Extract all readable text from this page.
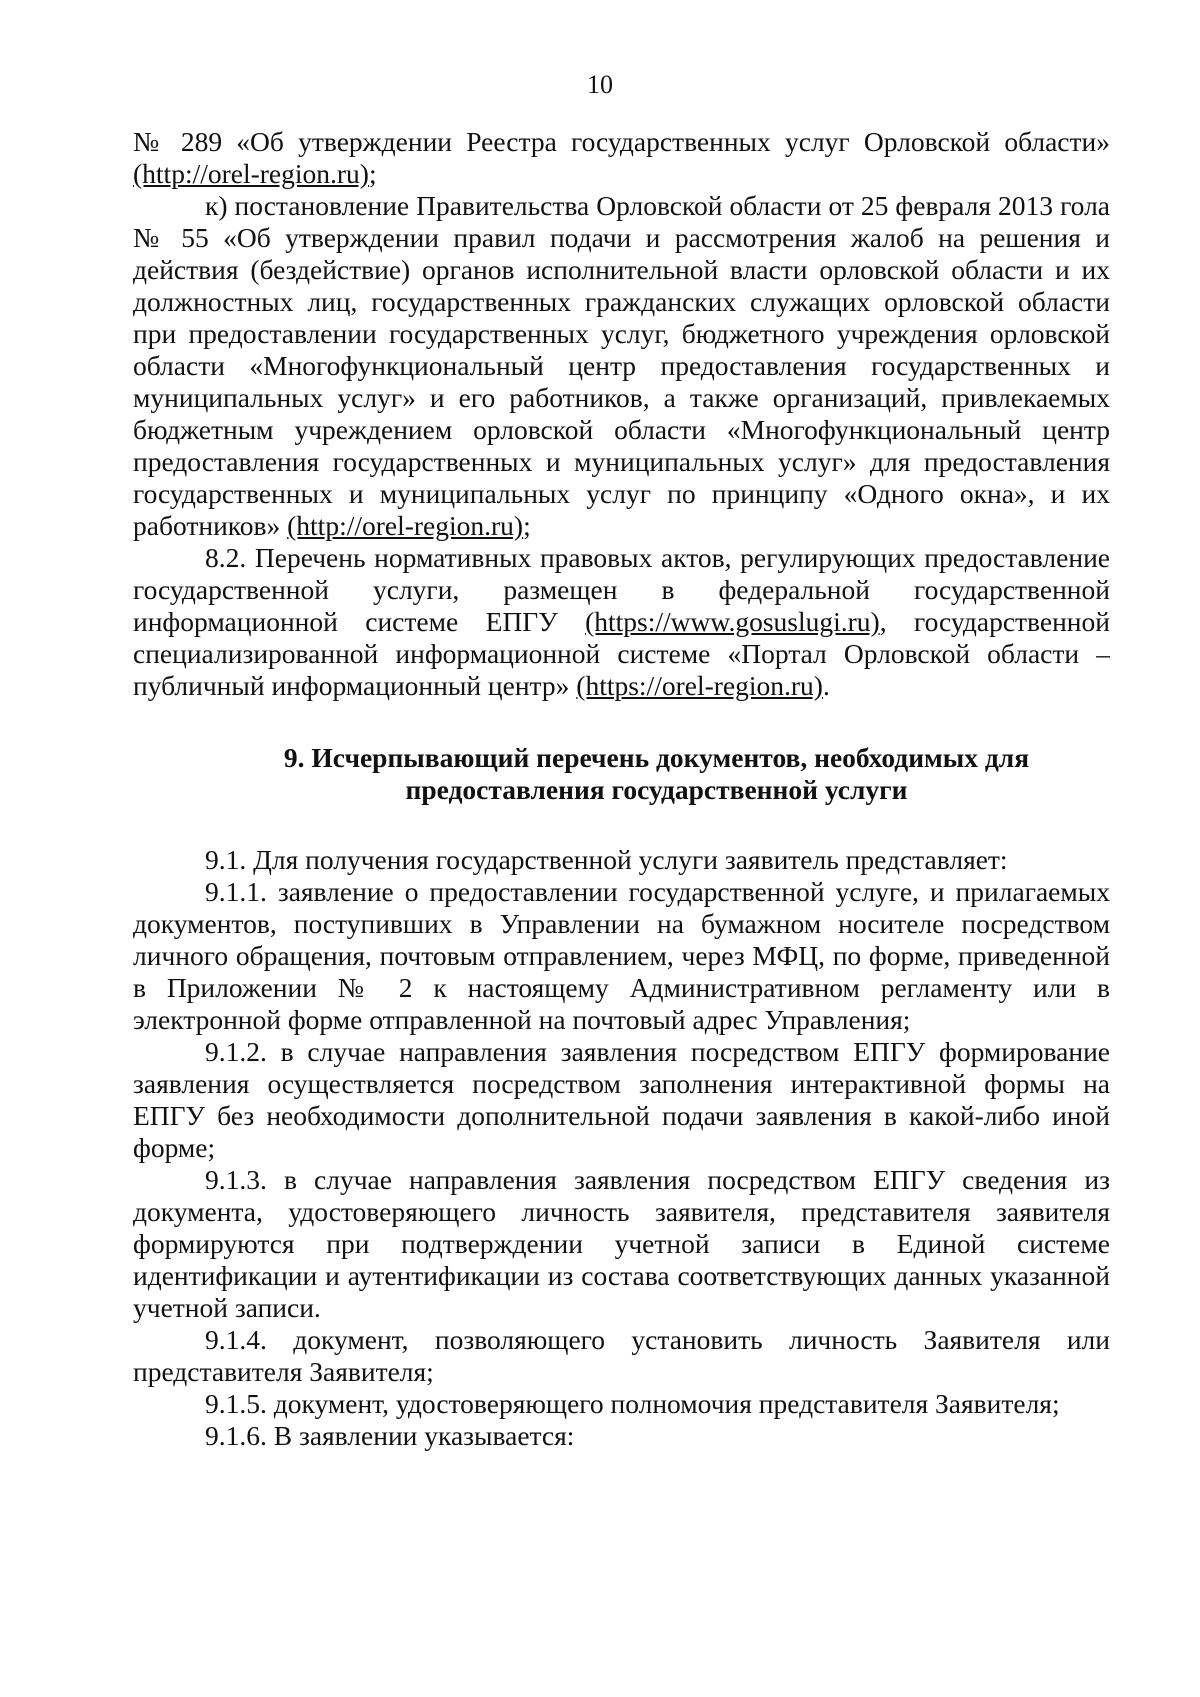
10

№ 289 «Об утверждении Реестра государственных услуг Орловской области» (http://orel-region.ru);

к) постановление Правительства Орловской области от 25 февраля 2013 гола № 55 «Об утверждении правил подачи и рассмотрения жалоб на решения и действия (бездействие) органов исполнительной власти орловской области и их должностных лиц, государственных гражданских служащих орловской области при предоставлении государственных услуг, бюджетного учреждения орловской области «Многофункциональный центр предоставления государственных и муниципальных услуг» и его работников, а также организаций, привлекаемых бюджетным учреждением орловской области «Многофункциональный центр предоставления государственных и муниципальных услуг» для предоставления государственных и муниципальных услуг по принципу «Одного окна», и их работников» (http://orel-region.ru);

8.2. Перечень нормативных правовых актов, регулирующих предоставление государственной услуги, размещен в федеральной государственной информационной системе ЕПГУ (https://www.gosuslugi.ru), государственной специализированной информационной системе «Портал Орловской области – публичный информационный центр» (https://orel-region.ru).

9. Исчерпывающий перечень документов, необходимых для
предоставления государственной услуги

9.1. Для получения государственной услуги заявитель представляет:

9.1.1. заявление о предоставлении государственной услуге, и прилагаемых документов, поступивших в Управлении на бумажном носителе посредством личного обращения, почтовым отправлением, через МФЦ, по форме, приведенной в Приложении № 2 к настоящему Административном регламенту или в электронной форме отправленной на почтовый адрес Управления;

9.1.2. в случае направления заявления посредством ЕПГУ формирование заявления осуществляется посредством заполнения интерактивной формы на ЕПГУ без необходимости дополнительной подачи заявления в какой-либо иной форме;

9.1.3. в случае направления заявления посредством ЕПГУ сведения из документа, удостоверяющего личность заявителя, представителя заявителя формируются при подтверждении учетной записи в Единой системе идентификации и аутентификации из состава соответствующих данных указанной учетной записи.

9.1.4. документ, позволяющего установить личность Заявителя или представителя Заявителя;

9.1.5. документ, удостоверяющего полномочия представителя Заявителя;

9.1.6. В заявлении указывается:
